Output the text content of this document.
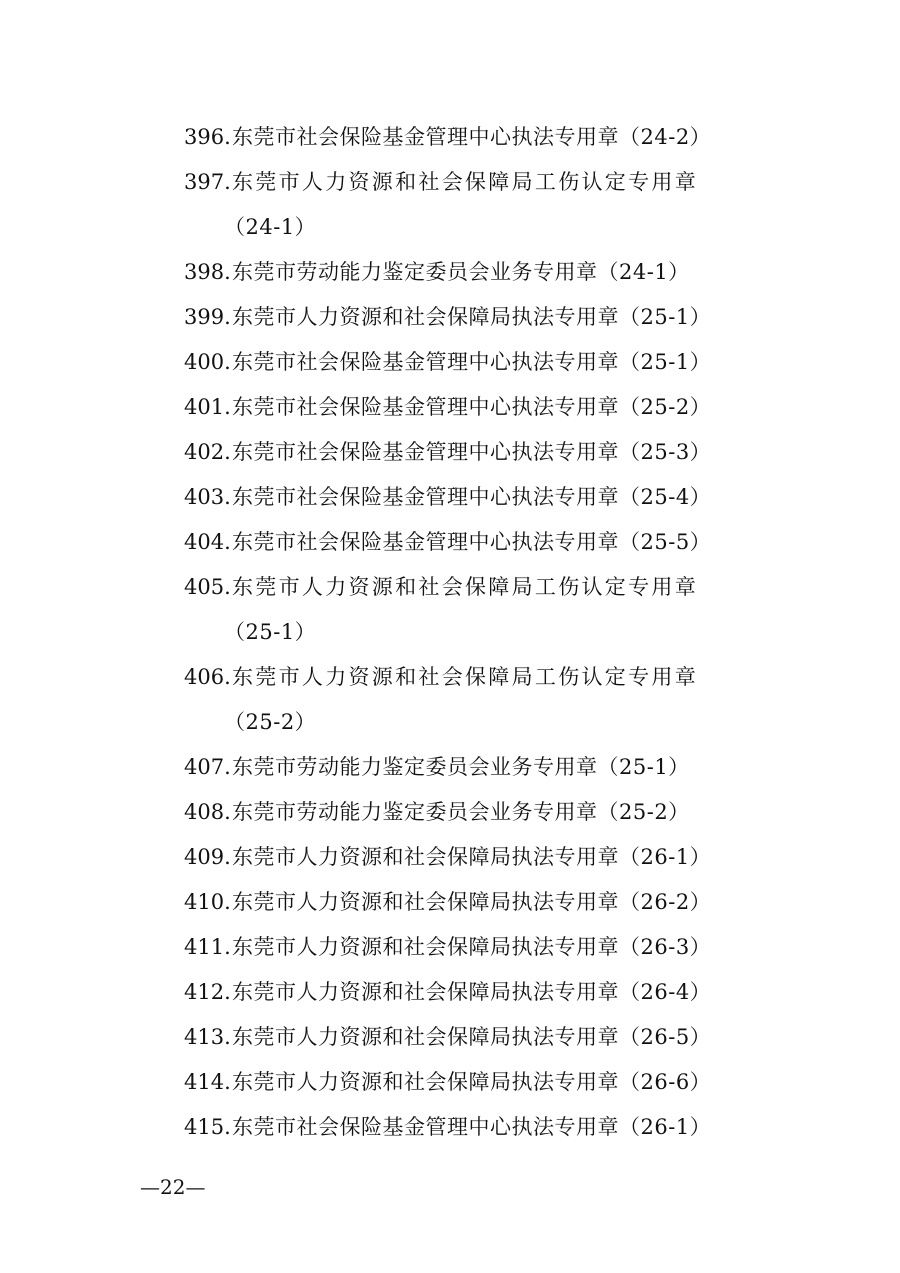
396.东莞市社会保险基金管理中心执法专用章（24-2）
397.东莞市人力资源和社会保障局工伤认定专用章
（24-1）
398.东莞市劳动能力鉴定委员会业务专用章（24-1）
399.东莞市人力资源和社会保障局执法专用章（25-1）
400.东莞市社会保险基金管理中心执法专用章（25-1）
401.东莞市社会保险基金管理中心执法专用章（25-2）
402.东莞市社会保险基金管理中心执法专用章（25-3）
403.东莞市社会保险基金管理中心执法专用章（25-4）
404.东莞市社会保险基金管理中心执法专用章（25-5）
405.东莞市人力资源和社会保障局工伤认定专用章
（25-1）
406.东莞市人力资源和社会保障局工伤认定专用章
（25-2）
407.东莞市劳动能力鉴定委员会业务专用章（25-1）
408.东莞市劳动能力鉴定委员会业务专用章（25-2）
409.东莞市人力资源和社会保障局执法专用章（26-1）
410.东莞市人力资源和社会保障局执法专用章（26-2）
411.东莞市人力资源和社会保障局执法专用章（26-3）
412.东莞市人力资源和社会保障局执法专用章（26-4）
413.东莞市人力资源和社会保障局执法专用章（26-5）
414.东莞市人力资源和社会保障局执法专用章（26-6）
415.东莞市社会保险基金管理中心执法专用章（26-1）
—22—
